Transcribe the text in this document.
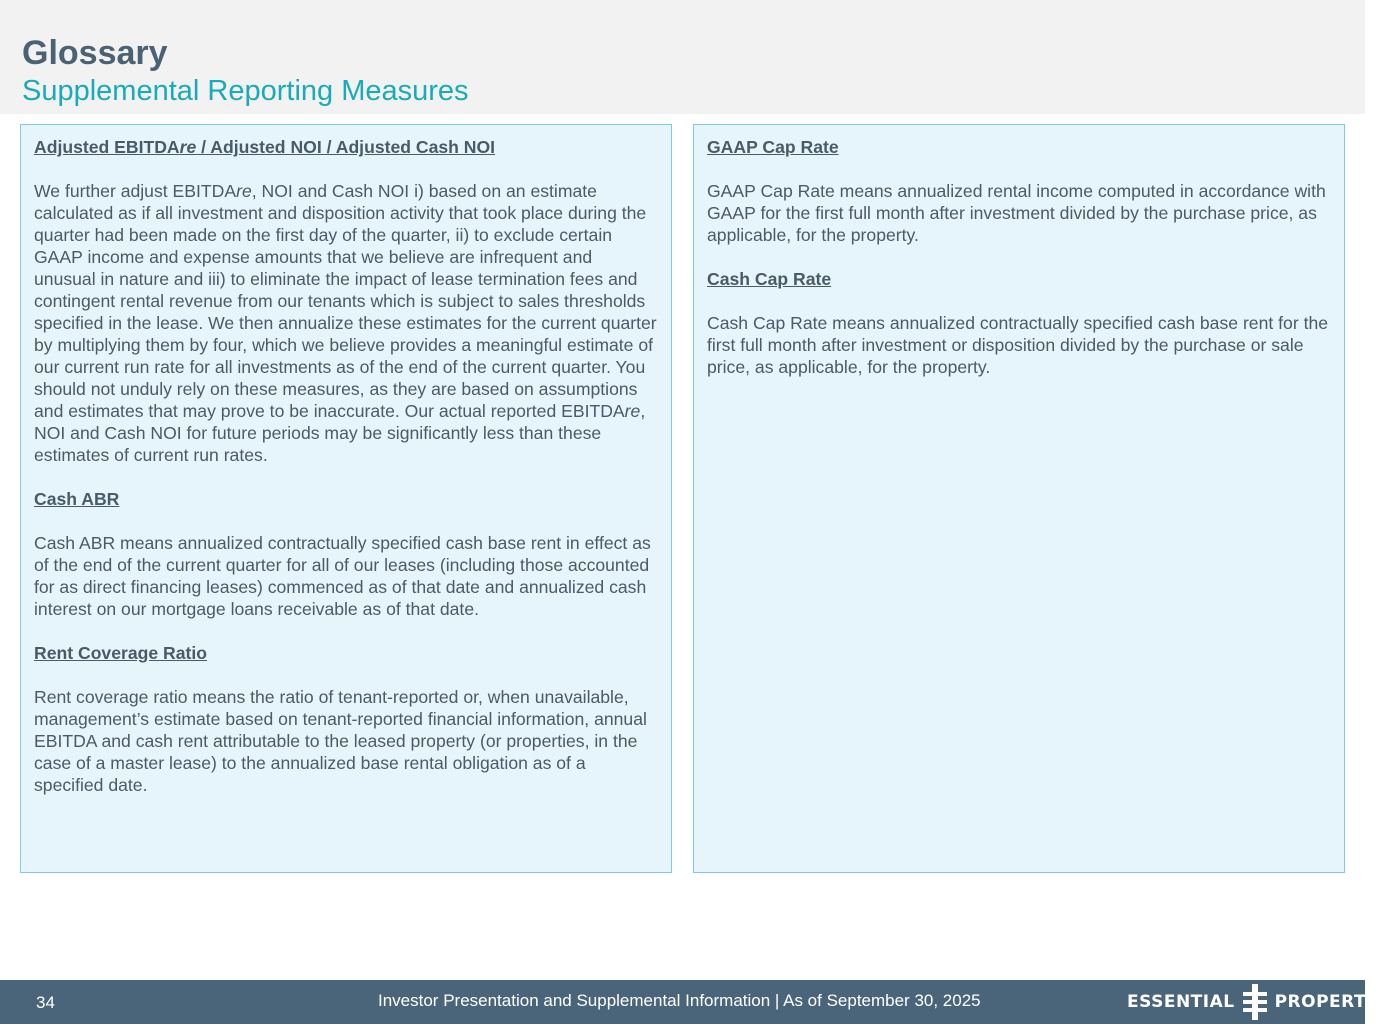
Glossary
Supplemental Reporting Measures

Adjusted EBITDAre / Adjusted NOI / Adjusted Cash NOI

We further adjust EBITDAre, NOI and Cash NOI i) based on an estimate calculated as if all investment and disposition activity that took place during the quarter had been made on the first day of the quarter, ii) to exclude certain GAAP income and expense amounts that we believe are infrequent and unusual in nature and iii) to eliminate the impact of lease termination fees and contingent rental revenue from our tenants which is subject to sales thresholds specified in the lease. We then annualize these estimates for the current quarter by multiplying them by four, which we believe provides a meaningful estimate of our current run rate for all investments as of the end of the current quarter. You should not unduly rely on these measures, as they are based on assumptions and estimates that may prove to be inaccurate. Our actual reported EBITDAre, NOI and Cash NOI for future periods may be significantly less than these estimates of current run rates.

Cash ABR

Cash ABR means annualized contractually specified cash base rent in effect as of the end of the current quarter for all of our leases (including those accounted for as direct financing leases) commenced as of that date and annualized cash interest on our mortgage loans receivable as of that date.

Rent Coverage Ratio

Rent coverage ratio means the ratio of tenant-reported or, when unavailable, management’s estimate based on tenant-reported financial information, annual EBITDA and cash rent attributable to the leased property (or properties, in the case of a master lease) to the annualized base rental obligation as of a specified date.

GAAP Cap Rate

GAAP Cap Rate means annualized rental income computed in accordance with GAAP for the first full month after investment divided by the purchase price, as applicable, for the property.

Cash Cap Rate

Cash Cap Rate means annualized contractually specified cash base rent for the first full month after investment or disposition divided by the purchase or sale price, as applicable, for the property.

34	Investor Presentation and Supplemental Information | As of September 30, 2025	ESSENTIAL PROPERTIES
